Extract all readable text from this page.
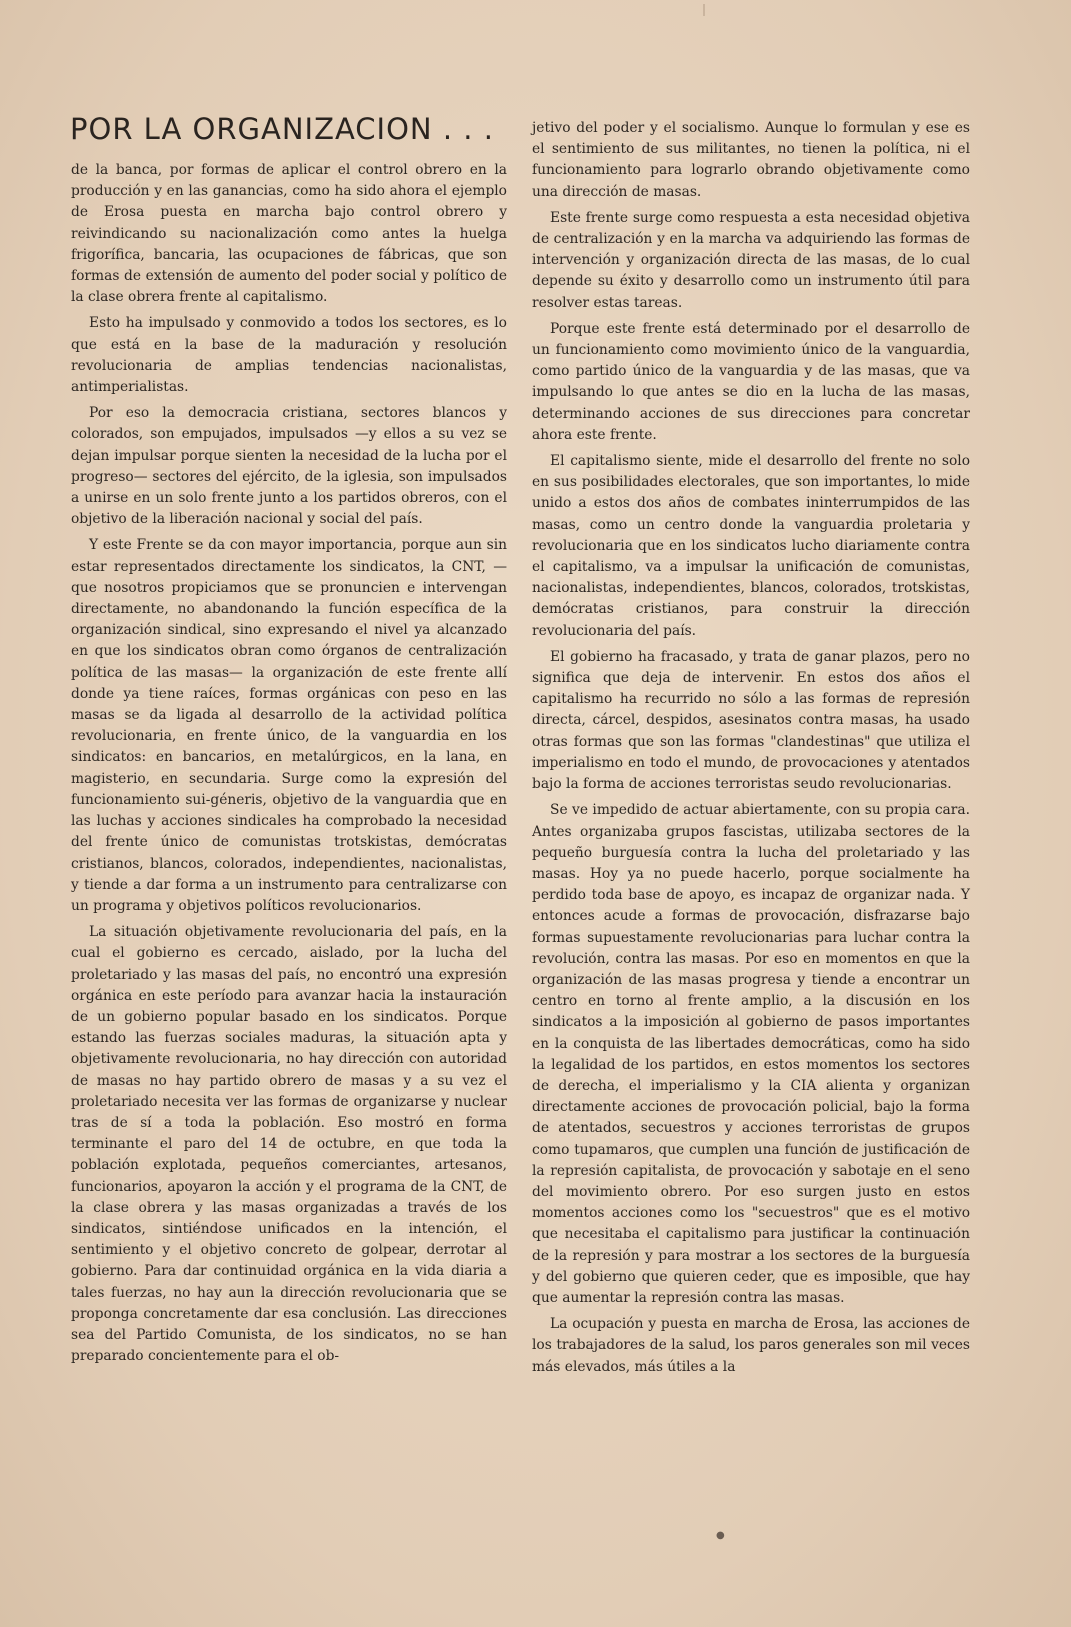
POR LA ORGANIZACION . . .

de la banca, por formas de aplicar el control obrero en la producción y en las ganancias, como ha sido ahora el ejemplo de Erosa puesta en marcha bajo control obrero y reivindicando su nacionalización como antes la huelga frigorífica, bancaria, las ocupaciones de fábricas, que son formas de extensión de aumento del poder social y político de la clase obrera frente al capitalismo.

Esto ha impulsado y conmovido a todos los sectores, es lo que está en la base de la maduración y resolución revolucionaria de amplias tendencias nacionalistas, antimperialistas.

Por eso la democracia cristiana, sectores blancos y colorados, son empujados, impulsados —y ellos a su vez se dejan impulsar porque sienten la necesidad de la lucha por el progreso— sectores del ejército, de la iglesia, son impulsados a unirse en un solo frente junto a los partidos obreros, con el objetivo de la liberación nacional y social del país.

Y este Frente se da con mayor importancia, porque aun sin estar representados directamente los sindicatos, la CNT, —que nosotros propiciamos que se pronuncien e intervengan directamente, no abandonando la función específica de la organización sindical, sino expresando el nivel ya alcanzado en que los sindicatos obran como órganos de centralización política de las masas— la organización de este frente allí donde ya tiene raíces, formas orgánicas con peso en las masas se da ligada al desarrollo de la actividad política revolucionaria, en frente único, de la vanguardia en los sindicatos: en bancarios, en metalúrgicos, en la lana, en magisterio, en secundaria. Surge como la expresión del funcionamiento sui-géneris, objetivo de la vanguardia que en las luchas y acciones sindicales ha comprobado la necesidad del frente único de comunistas trotskistas, demócratas cristianos, blancos, colorados, independientes, nacionalistas, y tiende a dar forma a un instrumento para centralizarse con un programa y objetivos políticos revolucionarios.

La situación objetivamente revolucionaria del país, en la cual el gobierno es cercado, aislado, por la lucha del proletariado y las masas del país, no encontró una expresión orgánica en este período para avanzar hacia la instauración de un gobierno popular basado en los sindicatos. Porque estando las fuerzas sociales maduras, la situación apta y objetivamente revolucionaria, no hay dirección con autoridad de masas no hay partido obrero de masas y a su vez el proletariado necesita ver las formas de organizarse y nuclear tras de sí a toda la población. Eso mostró en forma terminante el paro del 14 de octubre, en que toda la población explotada, pequeños comerciantes, artesanos, funcionarios, apoyaron la acción y el programa de la CNT, de la clase obrera y las masas organizadas a través de los sindicatos, sintiéndose unificados en la intención, el sentimiento y el objetivo concreto de golpear, derrotar al gobierno. Para dar continuidad orgánica en la vida diaria a tales fuerzas, no hay aun la dirección revolucionaria que se proponga concretamente dar esa conclusión. Las direcciones sea del Partido Comunista, de los sindicatos, no se han preparado concientemente para el ob-

jetivo del poder y el socialismo. Aunque lo formulan y ese es el sentimiento de sus militantes, no tienen la política, ni el funcionamiento para lograrlo obrando objetivamente como una dirección de masas.

Este frente surge como respuesta a esta necesidad objetiva de centralización y en la marcha va adquiriendo las formas de intervención y organización directa de las masas, de lo cual depende su éxito y desarrollo como un instrumento útil para resolver estas tareas.

Porque este frente está determinado por el desarrollo de un funcionamiento como movimiento único de la vanguardia, como partido único de la vanguardia y de las masas, que va impulsando lo que antes se dio en la lucha de las masas, determinando acciones de sus direcciones para concretar ahora este frente.

El capitalismo siente, mide el desarrollo del frente no solo en sus posibilidades electorales, que son importantes, lo mide unido a estos dos años de combates ininterrumpidos de las masas, como un centro donde la vanguardia proletaria y revolucionaria que en los sindicatos lucho diariamente contra el capitalismo, va a impulsar la unificación de comunistas, nacionalistas, independientes, blancos, colorados, trotskistas, demócratas cristianos, para construir la dirección revolucionaria del país.

El gobierno ha fracasado, y trata de ganar plazos, pero no significa que deja de intervenir. En estos dos años el capitalismo ha recurrido no sólo a las formas de represión directa, cárcel, despidos, asesinatos contra masas, ha usado otras formas que son las formas "clandestinas" que utiliza el imperialismo en todo el mundo, de provocaciones y atentados bajo la forma de acciones terroristas seudo revolucionarias.

Se ve impedido de actuar abiertamente, con su propia cara. Antes organizaba grupos fascistas, utilizaba sectores de la pequeño burguesía contra la lucha del proletariado y las masas. Hoy ya no puede hacerlo, porque socialmente ha perdido toda base de apoyo, es incapaz de organizar nada. Y entonces acude a formas de provocación, disfrazarse bajo formas supuestamente revolucionarias para luchar contra la revolución, contra las masas. Por eso en momentos en que la organización de las masas progresa y tiende a encontrar un centro en torno al frente amplio, a la discusión en los sindicatos a la imposición al gobierno de pasos importantes en la conquista de las libertades democráticas, como ha sido la legalidad de los partidos, en estos momentos los sectores de derecha, el imperialismo y la CIA alienta y organizan directamente acciones de provocación policial, bajo la forma de atentados, secuestros y acciones terroristas de grupos como tupamaros, que cumplen una función de justificación de la represión capitalista, de provocación y sabotaje en el seno del movimiento obrero. Por eso surgen justo en estos momentos acciones como los "secuestros" que es el motivo que necesitaba el capitalismo para justificar la continuación de la represión y para mostrar a los sectores de la burguesía y del gobierno que quieren ceder, que es imposible, que hay que aumentar la represión contra las masas.

La ocupación y puesta en marcha de Erosa, las acciones de los trabajadores de la salud, los paros generales son mil veces más elevados, más útiles a la

●
